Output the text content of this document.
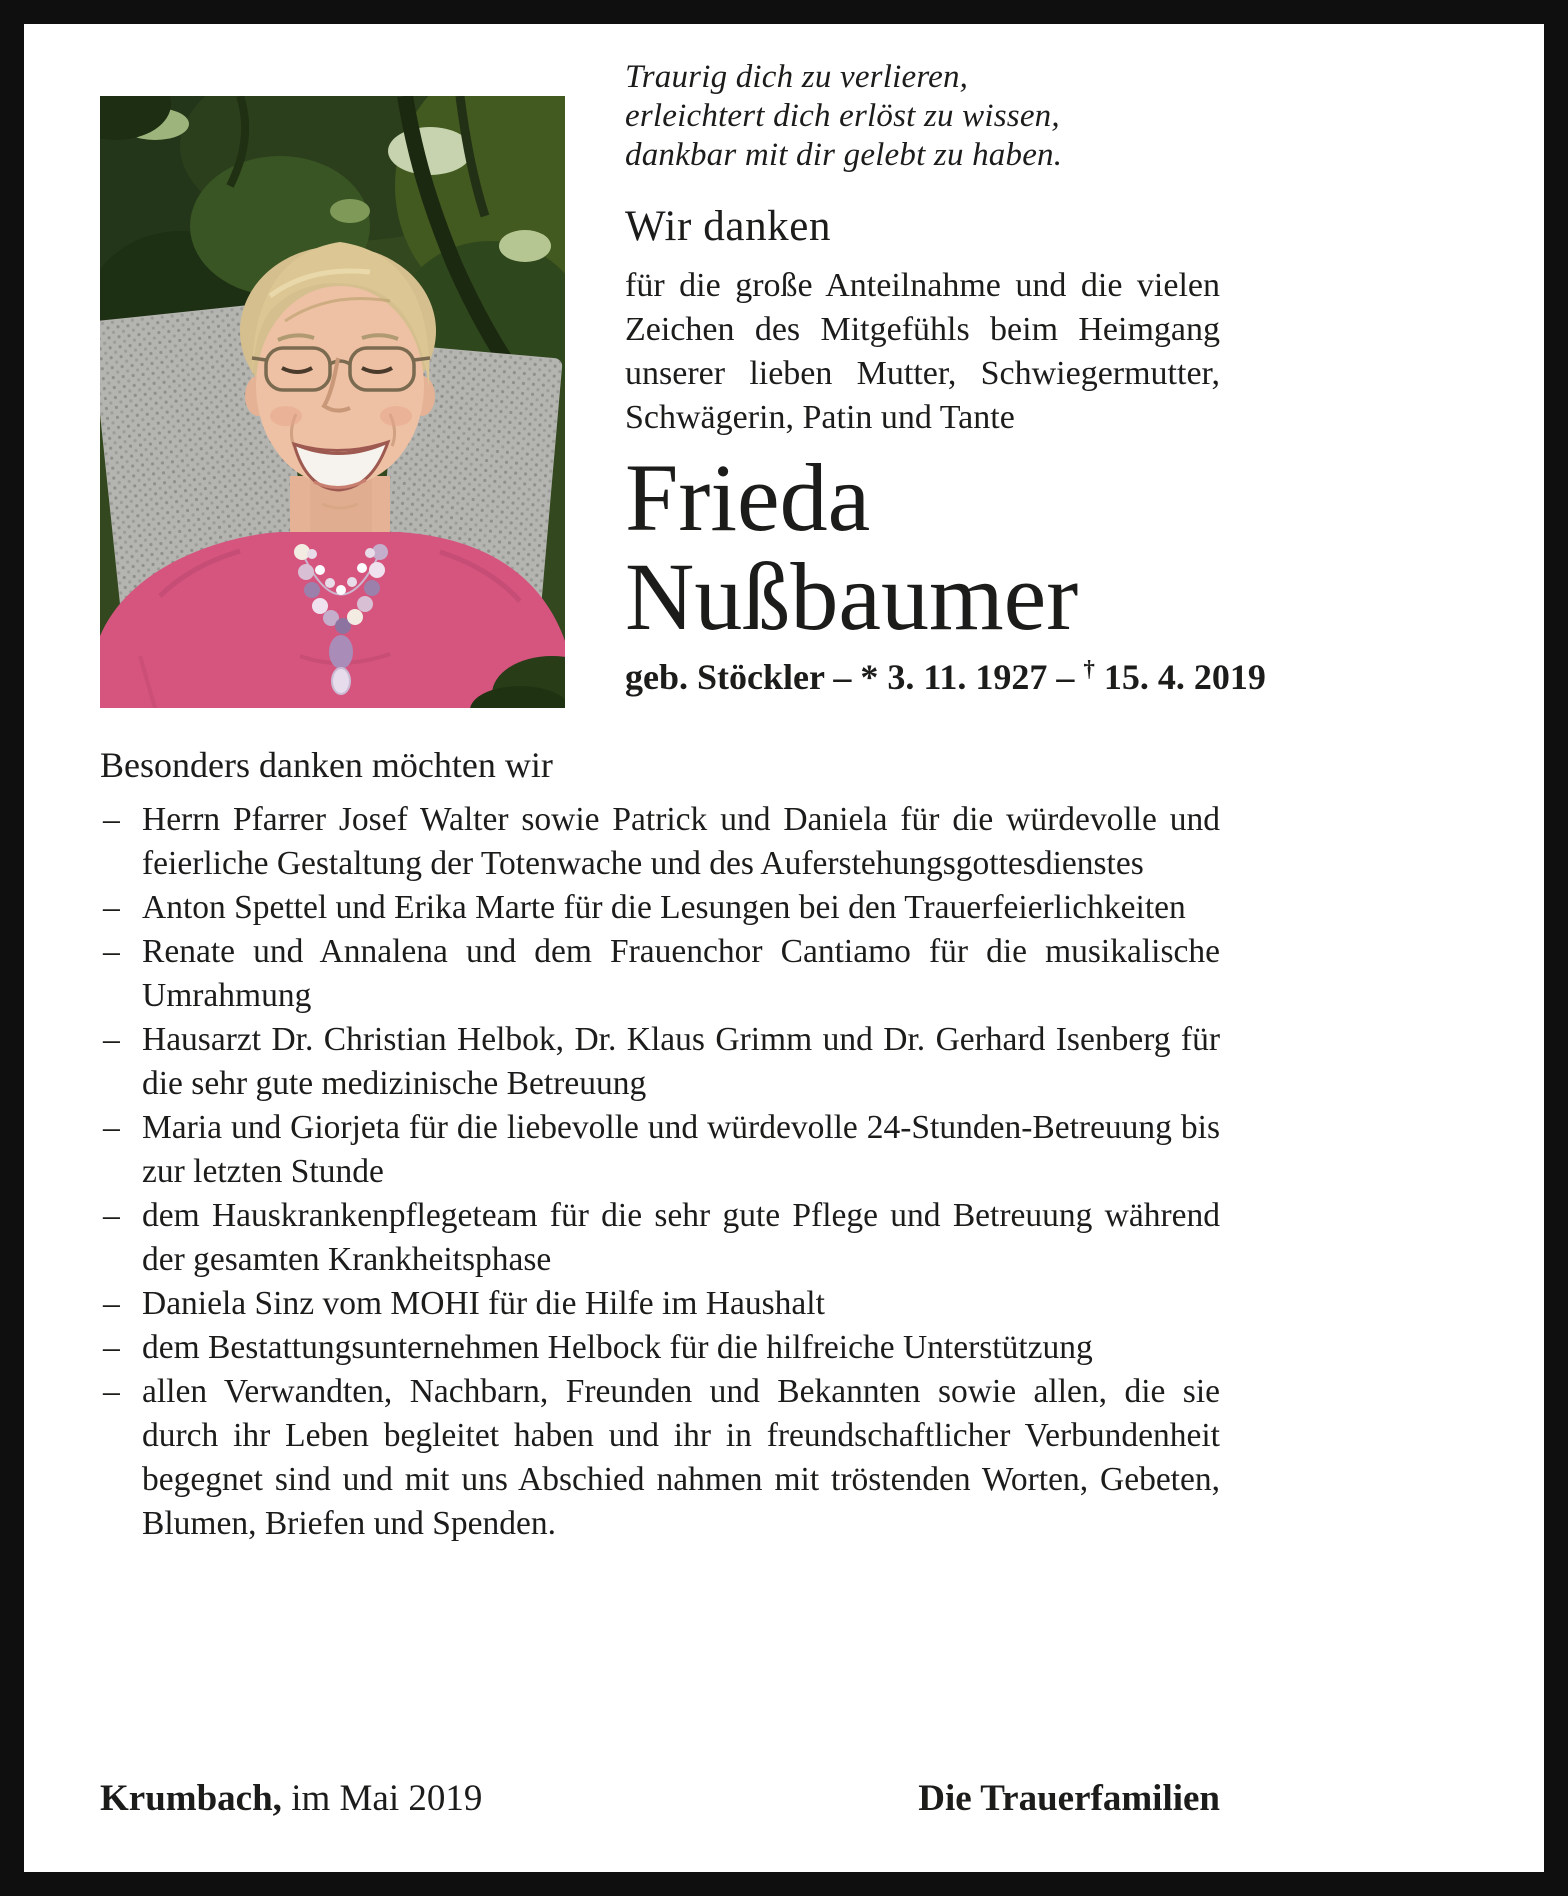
Traurig dich zu verlieren,

erleichtert dich erlöst zu wissen,

dankbar mit dir gelebt zu haben.

Wir danken

für die große Anteilnahme und die vielen Zeichen des Mitgefühls beim Heimgang unserer lieben Mutter, Schwiegermutter, Schwägerin, Patin und Tante

Frieda
Nußbaumer

geb. Stöckler – * 3. 11. 1927 – † 15. 4. 2019

Besonders danken möchten wir
– Herrn Pfarrer Josef Walter sowie Patrick und Daniela für die würdevolle und feierliche Gestaltung der Totenwache und des Auferstehungsgottesdienstes
– Anton Spettel und Erika Marte für die Lesungen bei den Trauerfeierlichkeiten
– Renate und Annalena und dem Frauenchor Cantiamo für die musikalische Umrahmung
– Hausarzt Dr. Christian Helbok, Dr. Klaus Grimm und Dr. Gerhard Isenberg für die sehr gute medizinische Betreuung
– Maria und Giorjeta für die liebevolle und würdevolle 24-Stunden-Betreuung bis zur letzten Stunde
– dem Hauskrankenpflegeteam für die sehr gute Pflege und Betreuung während der gesamten Krankheitsphase
– Daniela Sinz vom MOHI für die Hilfe im Haushalt
– dem Bestattungsunternehmen Helbock für die hilfreiche Unterstützung
– allen Verwandten, Nachbarn, Freunden und Bekannten sowie allen, die sie durch ihr Leben begleitet haben und ihr in freundschaftlicher Verbundenheit begegnet sind und mit uns Abschied nahmen mit tröstenden Worten, Gebeten, Blumen, Briefen und Spenden.

Krumbach, im Mai 2019	Die Trauerfamilien
